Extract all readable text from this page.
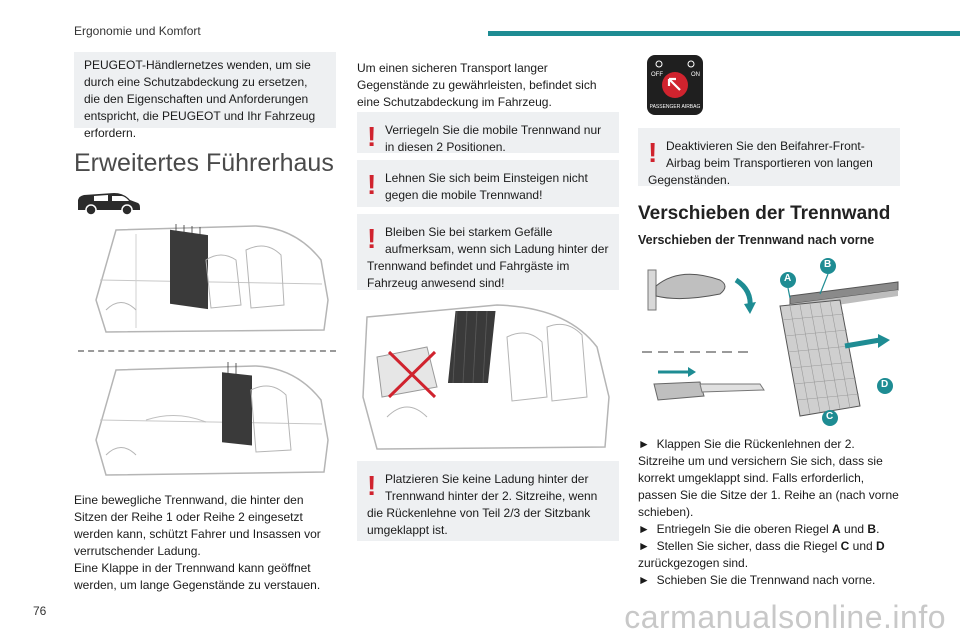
Ergonomie und Komfort
PEUGEOT-Händlernetzes wenden, um sie durch eine Schutzabdeckung zu ersetzen, die den Eigenschaften und Anforderungen entspricht, die PEUGEOT und Ihr Fahrzeug erfordern.
Erweitertes Führerhaus
Eine bewegliche Trennwand, die hinter den Sitzen der Reihe 1 oder Reihe 2 eingesetzt werden kann, schützt Fahrer und Insassen vor verrutschender Ladung.
Eine Klappe in der Trennwand kann geöffnet werden, um lange Gegenstände zu verstauen.
Um einen sicheren Transport langer Gegenstände zu gewährleisten, befindet sich eine Schutzabdeckung im Fahrzeug.
! Verriegeln Sie die mobile Trennwand nur in diesen 2 Positionen.
! Lehnen Sie sich beim Einsteigen nicht gegen die mobile Trennwand!
! Bleiben Sie bei starkem Gefälle aufmerksam, wenn sich Ladung hinter der Trennwand befindet und Fahrgäste im Fahrzeug anwesend sind!
! Platzieren Sie keine Ladung hinter der Trennwand hinter der 2. Sitzreihe, wenn die Rückenlehne von Teil 2/3 der Sitzbank umgeklappt ist.
OFF	ON
PASSENGER AIRBAG
! Deaktivieren Sie den Beifahrer-Front-Airbag beim Transportieren von langen Gegenständen.
Verschieben der Trennwand
Verschieben der Trennwand nach vorne
A
B
C
D
► Klappen Sie die Rückenlehnen der 2. Sitzreihe um und versichern Sie sich, dass sie korrekt umgeklappt sind. Falls erforderlich, passen Sie die Sitze der 1. Reihe an (nach vorne schieben).
► Entriegeln Sie die oberen Riegel A und B.
► Stellen Sie sicher, dass die Riegel C und D zurückgezogen sind.
► Schieben Sie die Trennwand nach vorne.
76	carmanualsonline.info
